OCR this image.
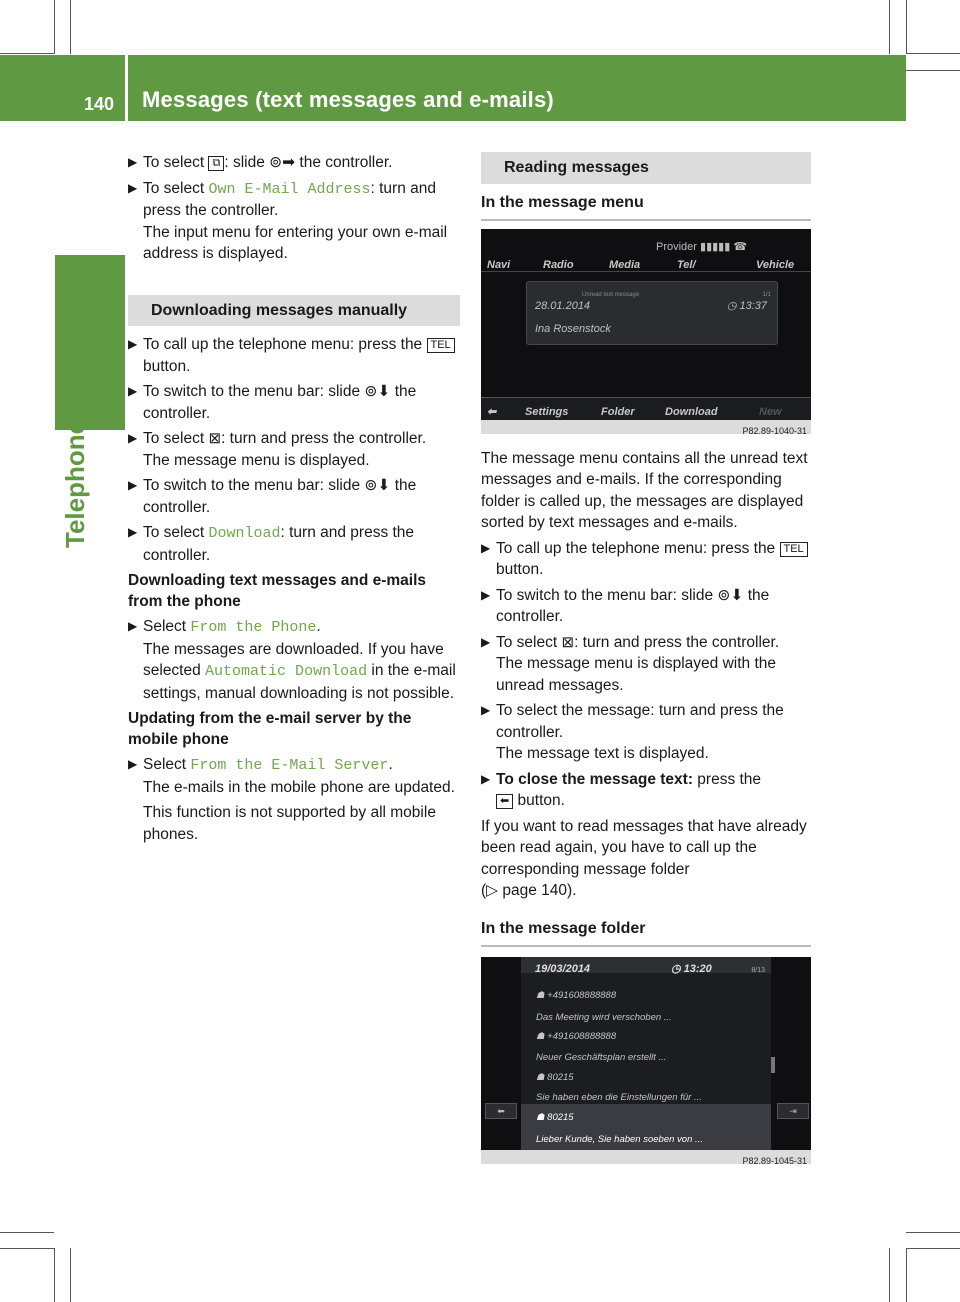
140 Messages (text messages and e-mails)
Telephone
▶ To select ⧉ : slide ⊚➡ the controller.
▶ To select Own E-Mail Address: turn and press the controller.
The input menu for entering your own e-mail address is displayed.
Downloading messages manually
▶ To call up the telephone menu: press the TEL button.
▶ To switch to the menu bar: slide ⊚⬇ the controller.
▶ To select ⊠: turn and press the controller.
The message menu is displayed.
▶ To switch to the menu bar: slide ⊚⬇ the controller.
▶ To select Download: turn and press the controller.
Downloading text messages and e-mails from the phone
▶ Select From the Phone.
The messages are downloaded. If you have selected Automatic Download in the e-mail settings, manual downloading is not possible.
Updating from the e-mail server by the mobile phone
▶ Select From the E-Mail Server.
The e-mails in the mobile phone are updated.
This function is not supported by all mobile phones.
Reading messages
In the message menu
Provider ▮▮▮▮▮ ☎
Navi	Radio	Media	Tel/	Vehicle
Unread text message	1/1
28.01.2014	◷ 13:37
Ina Rosenstock
⬅	Settings	Folder	Download	New
P82.89-1040-31
The message menu contains all the unread text messages and e-mails. If the corresponding folder is called up, the messages are displayed sorted by text messages and e-mails.
▶ To call up the telephone menu: press the TEL button.
▶ To switch to the menu bar: slide ⊚⬇ the controller.
▶ To select ⊠: turn and press the controller.
The message menu is displayed with the unread messages.
▶ To select the message: turn and press the controller.
The message text is displayed.
▶ To close the message text: press the
⬅ button.
If you want to read messages that have already been read again, you have to call up the corresponding message folder
(▷ page 140).
In the message folder
19/03/2014	◷ 13:20	8/13
☗ +491608888888
Das Meeting wird verschoben ...
☗ +491608888888
Neuer Geschäftsplan erstellt ...
☗ 80215
Sie haben eben die Einstellungen für ...
☗ 80215
Lieber Kunde, Sie haben soeben von ...
⬅	⇥
P82.89-1045-31
